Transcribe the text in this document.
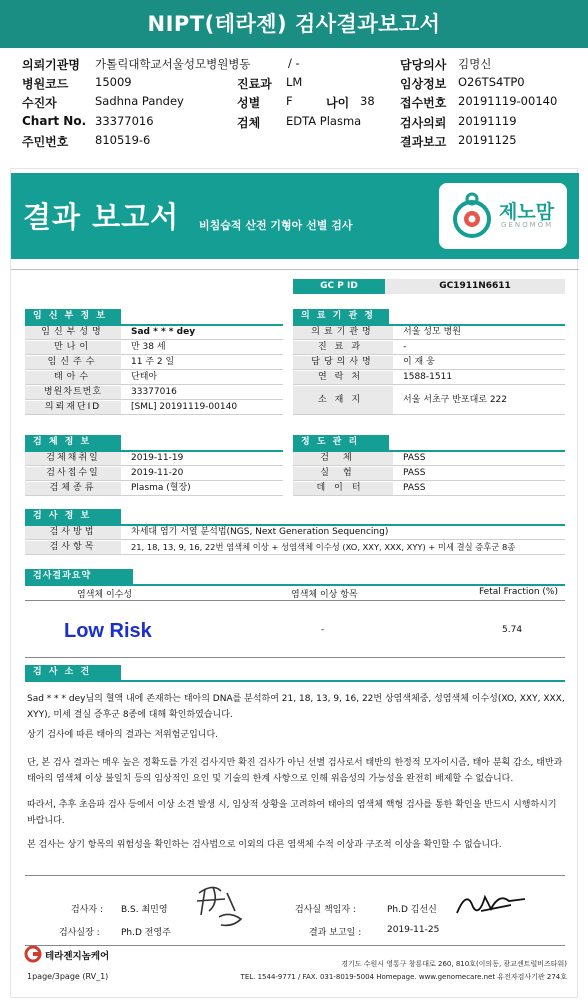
NIPT(테라젠) 검사결과보고서
의뢰기관명 가톨릭대학교서울성모병원병동	/ -	담당의사 김명신
병원코드 15009	진료과 LM	임상정보 O26TS4TP0
수진자	Sadhna Pandey	성별 F	나이 38 접수번호 20191119-00140
Chart No. 33377016	검체 EDTA Plasma	검사의뢰 20191119
주민번호 810519-6	결과보고 20191125
결과 보고서 비침습적 산전 기형아 선별 검사
제노맘
GENOMOM
GC P ID	GC1911N6611
임 신 부 정 보
임신부성명	Sad * * * dey
만나이	만 38 세
임신주수	11 주 2 일
태아수	단태아
병원차트번호	33377016
의뢰재단ID	[SML] 20191119-00140
의 료 기 관 정
의료기관명	서울 성모 병원
진료과	-
담당의사명	이 재 웅
연락처	1588-1511
소재지	서울 서초구 반포대로 222
검 체 정 보
검체채취일	2019-11-19
검사접수일	2019-11-20
검체종류	Plasma (혈장)
정 도 관 리
검체	PASS
실험	PASS
데이터	PASS
검 사 정 보
검사방법	차세대 염기 서열 분석법(NGS, Next Generation Sequencing)
검사항목	21, 18, 13, 9, 16, 22번 염색체 이상 + 성염색체 이수성 (XO, XXY, XXX, XYY) + 미세 결실 증후군 8종
검사결과요약
염색체 이수성	염색체 이상 항목	Fetal Fraction (%)
Low Risk	-	5.74
검 사 소 견
Sad * * * dey님의 혈액 내에 존재하는 태아의 DNA를 분석하여 21, 18, 13, 9, 16, 22번 상염색체중, 성염색체 이수성(XO, XXY, XXX, XYY), 미세 결실 증후군 8종에 대해 확인하였습니다.
상기 검사에 따른 태아의 결과는 저위험군입니다.
단, 본 검사 결과는 매우 높은 정확도를 가진 검사지만 확진 검사가 아닌 선별 검사로서 태반의 한정적 모자이시즘, 태아 분획 감소, 태반과 태아의 염색체 이상 불일치 등의 임상적인 요인 및 기술의 한계 사항으로 인해 위음성의 가능성을 완전히 배제할 수 없습니다.
따라서, 추후 초음파 검사 등에서 이상 소견 발생 시, 임상적 상황을 고려하여 태아의 염색체 핵형 검사를 통한 확인을 반드시 시행하시기 바랍니다.
본 검사는 상기 항목의 위험성을 확인하는 검사법으로 이외의 다른 염색체 수적 이상과 구조적 이상을 확인할 수 없습니다.
검사자 : B.S. 최민영
검사실장 : Ph.D 전영주
검사실 책임자 :	Ph.D 김선신
결과 보고일 :	2019-11-25
테라젠지놈케어
1page/3page (RV_1)
경기도 수원시 영통구 창룡대로 260, 810호(이의동, 광교센트럴비즈타워)
TEL. 1544-9771 / FAX. 031-8019-5004 Homepage. www.genomecare.net 유전자검사기관 274호
